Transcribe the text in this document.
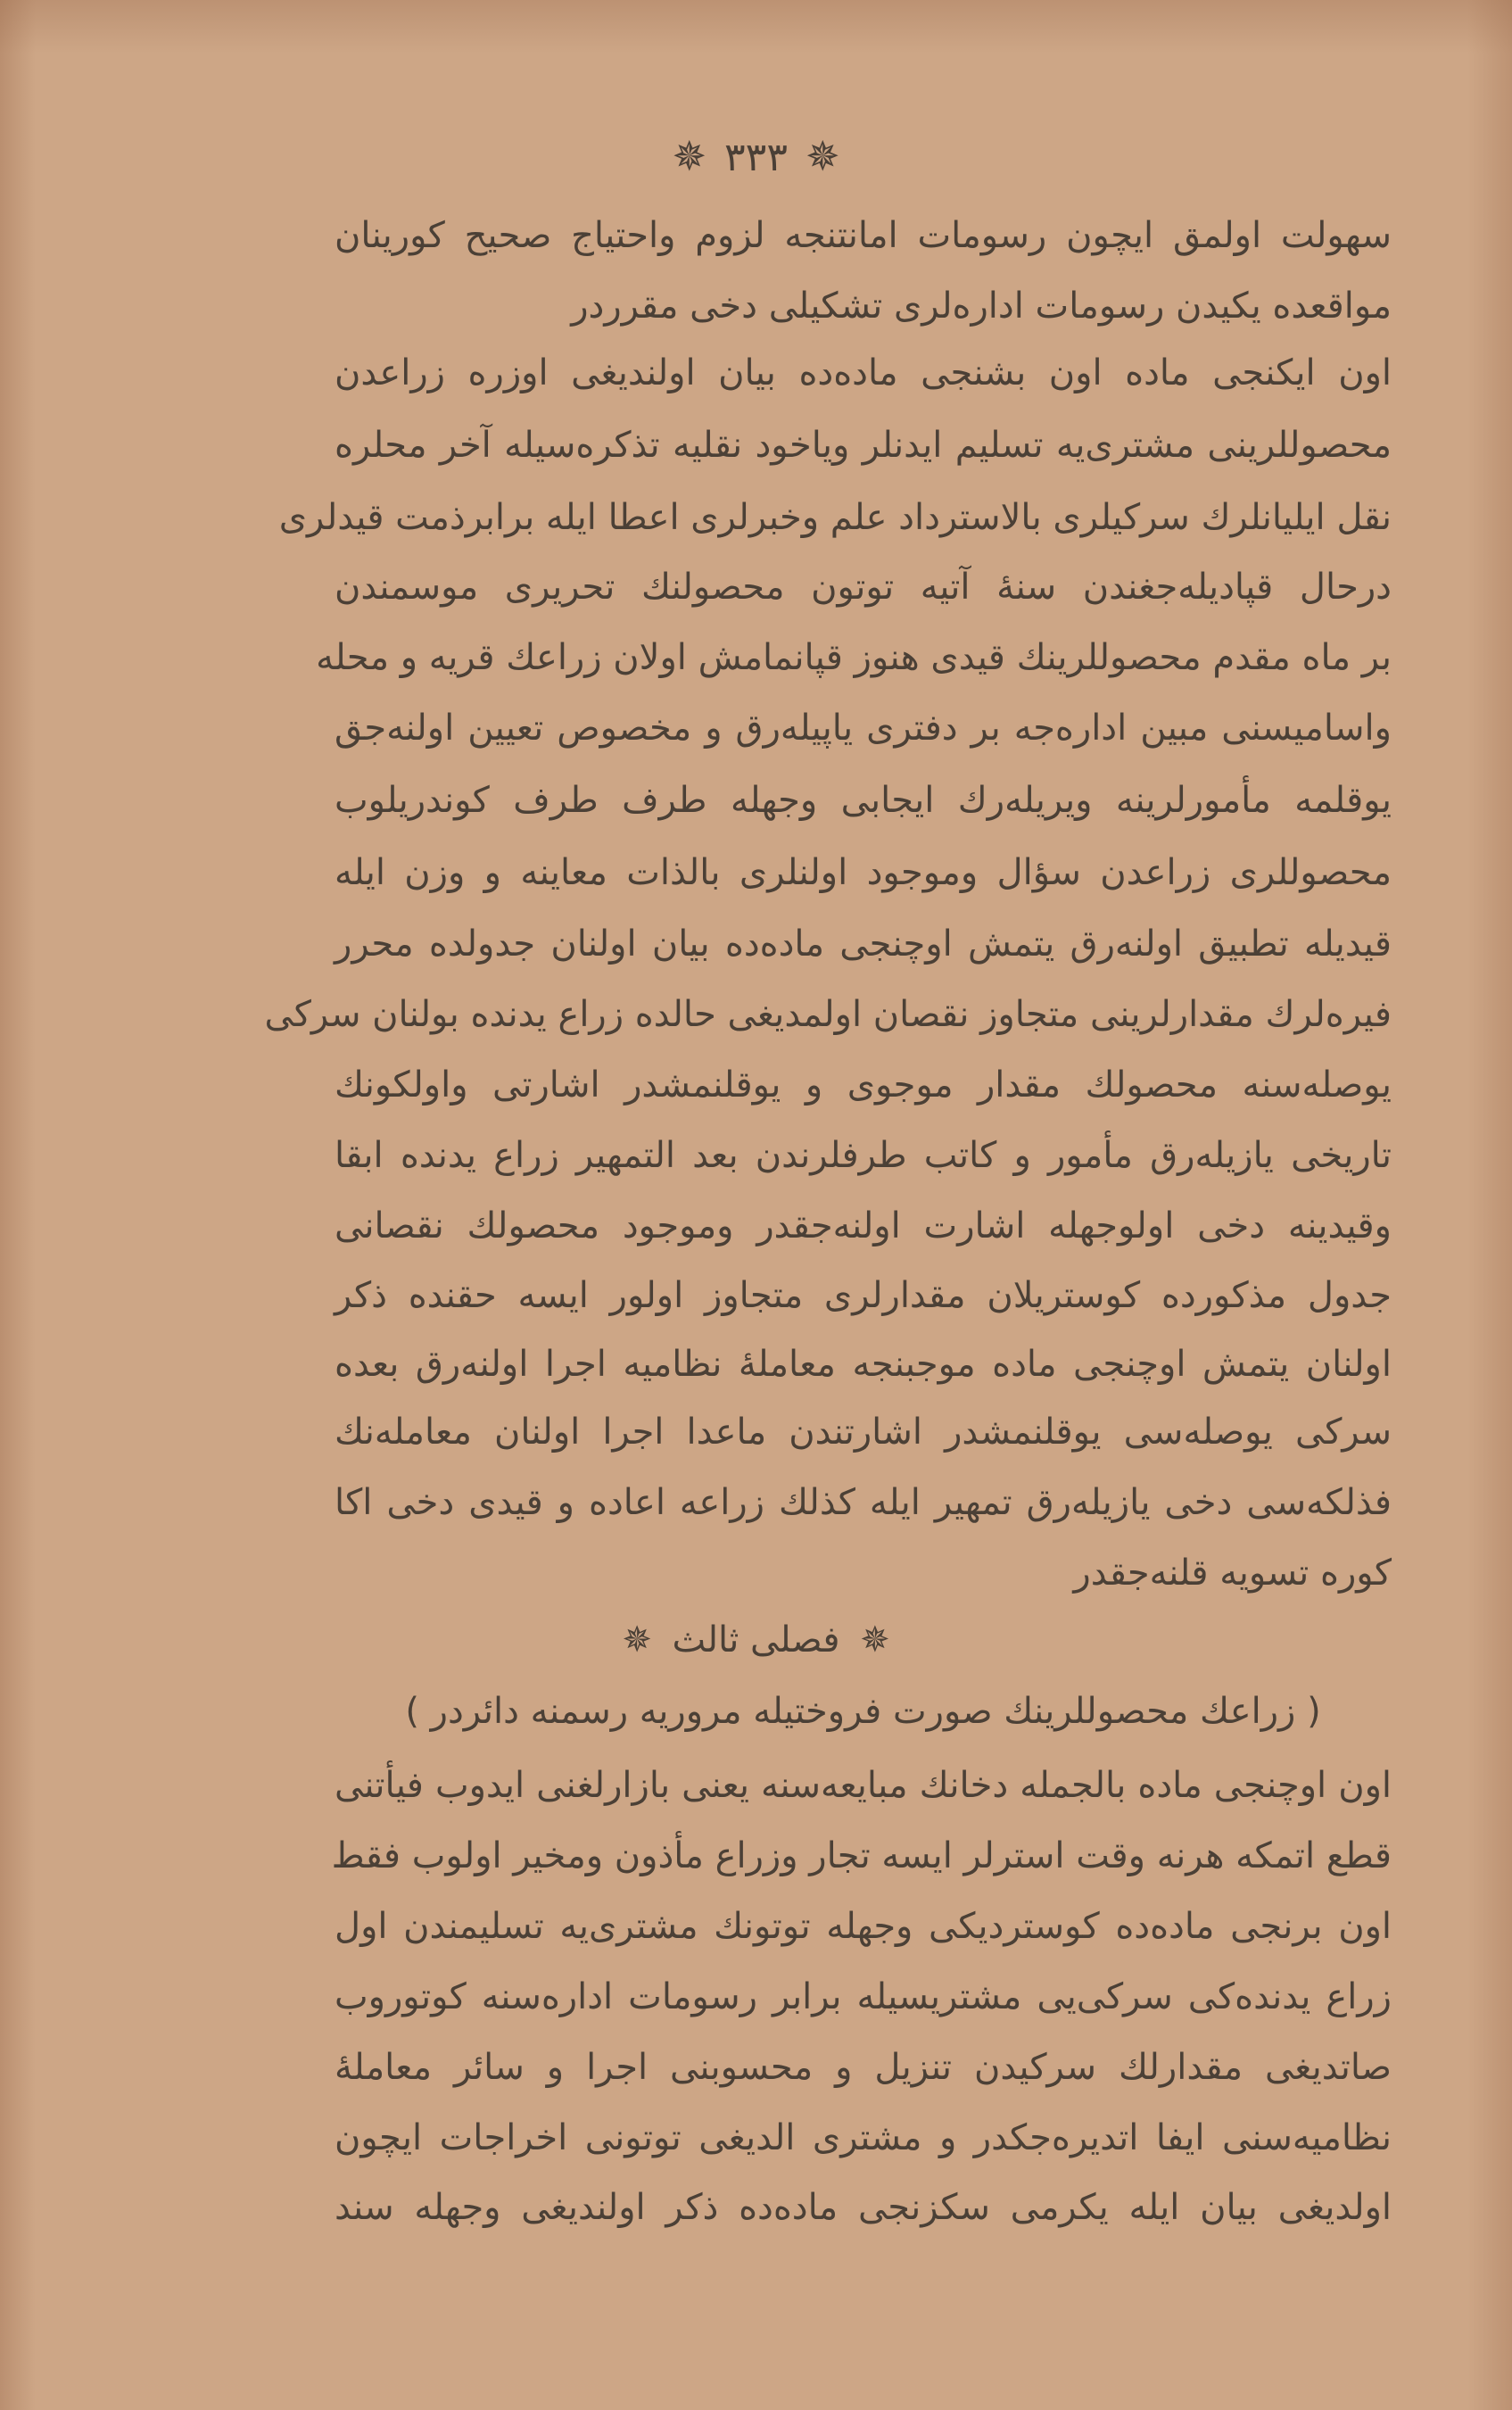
✵ ٣٣٣ ✵
سهولت اولمق ایچون رسومات امانتنجه لزوم واحتیاج صحیح کورینان
مواقعده یکیدن رسومات اداره‌لری تشکیلی دخی مقرردر
اون ایکنجی ماده اون بشنجی ماده‌ده بیان اولندیغی اوزره زراعدن
محصوللرینی مشتری‌یه تسلیم ایدنلر ویاخود نقلیه تذکره‌سیله آخر محلره
نقل ایلیانلرك سرکیلری بالاسترداد علم وخبرلری اعطا ایله برابرذمت قیدلری
درحال قپادیله‌جغندن سنهٔ آتیه توتون محصولنك تحریری موسمندن
بر ماه مقدم محصوللرینك قیدی هنوز قپانمامش اولان زراعك قریه و محله
واسامیسنی مبین اداره‌جه بر دفتری یاپیله‌رق و مخصوص تعیین اولنه‌جق
یوقلمه مأمورلرینه ویریله‌رك ایجابی وجهله طرف طرف کوندریلوب
محصوللری زراعدن سؤال وموجود اولنلری بالذات معاینه و وزن ایله
قیدیله تطبیق اولنه‌رق یتمش اوچنجی ماده‌ده بیان اولنان جدولده محرر
فیره‌لرك مقدارلرینی متجاوز نقصان اولمدیغی حالده زراع یدنده بولنان سرکی
یوصله‌سنه محصولك مقدار موجوی و یوقلنمشدر اشارتی واولکونك
تاریخی یازیله‌رق مأمور و کاتب طرفلرندن بعد التمهیر زراع یدنده ابقا
وقیدینه دخی اولوجهله اشارت اولنه‌جقدر وموجود محصولك نقصانی
جدول مذکورده کوستریلان مقدارلری متجاوز اولور ایسه حقنده ذکر
اولنان یتمش اوچنجی ماده موجبنجه معاملهٔ نظامیه اجرا اولنه‌رق بعده
سرکی یوصله‌سی یوقلنمشدر اشارتندن ماعدا اجرا اولنان معامله‌نك
فذلکه‌سی دخی یازیله‌رق تمهیر ایله کذلك زراعه اعاده و قیدی دخی اکا
کوره تسویه قلنه‌جقدر
✵ فصلی ثالث ✵
( زراعك محصوللرینك صورت فروختیله مروریه رسمنه دائردر )
اون اوچنجی ماده بالجمله دخانك مبایعه‌سنه یعنی بازارلغنی ایدوب فیأتنی
قطع اتمکه هرنه وقت استرلر ایسه تجار وزراع مأذون ومخیر اولوب فقط
اون برنجی ماده‌ده کوستردیکی وجهله توتونك مشتری‌یه تسلیمندن اول
زراع یدنده‌کی سرکی‌یی مشتریسیله برابر رسومات اداره‌سنه کوتوروب
صاتدیغی مقدارلك سرکیدن تنزیل و محسوبنی اجرا و سائر معاملهٔ
نظامیه‌سنی ایفا اتدیره‌جکدر و مشتری الدیغی توتونی اخراجات ایچون
اولدیغی بیان ایله یکرمی سکزنجی ماده‌ده ذکر اولندیغی وجهله سند
